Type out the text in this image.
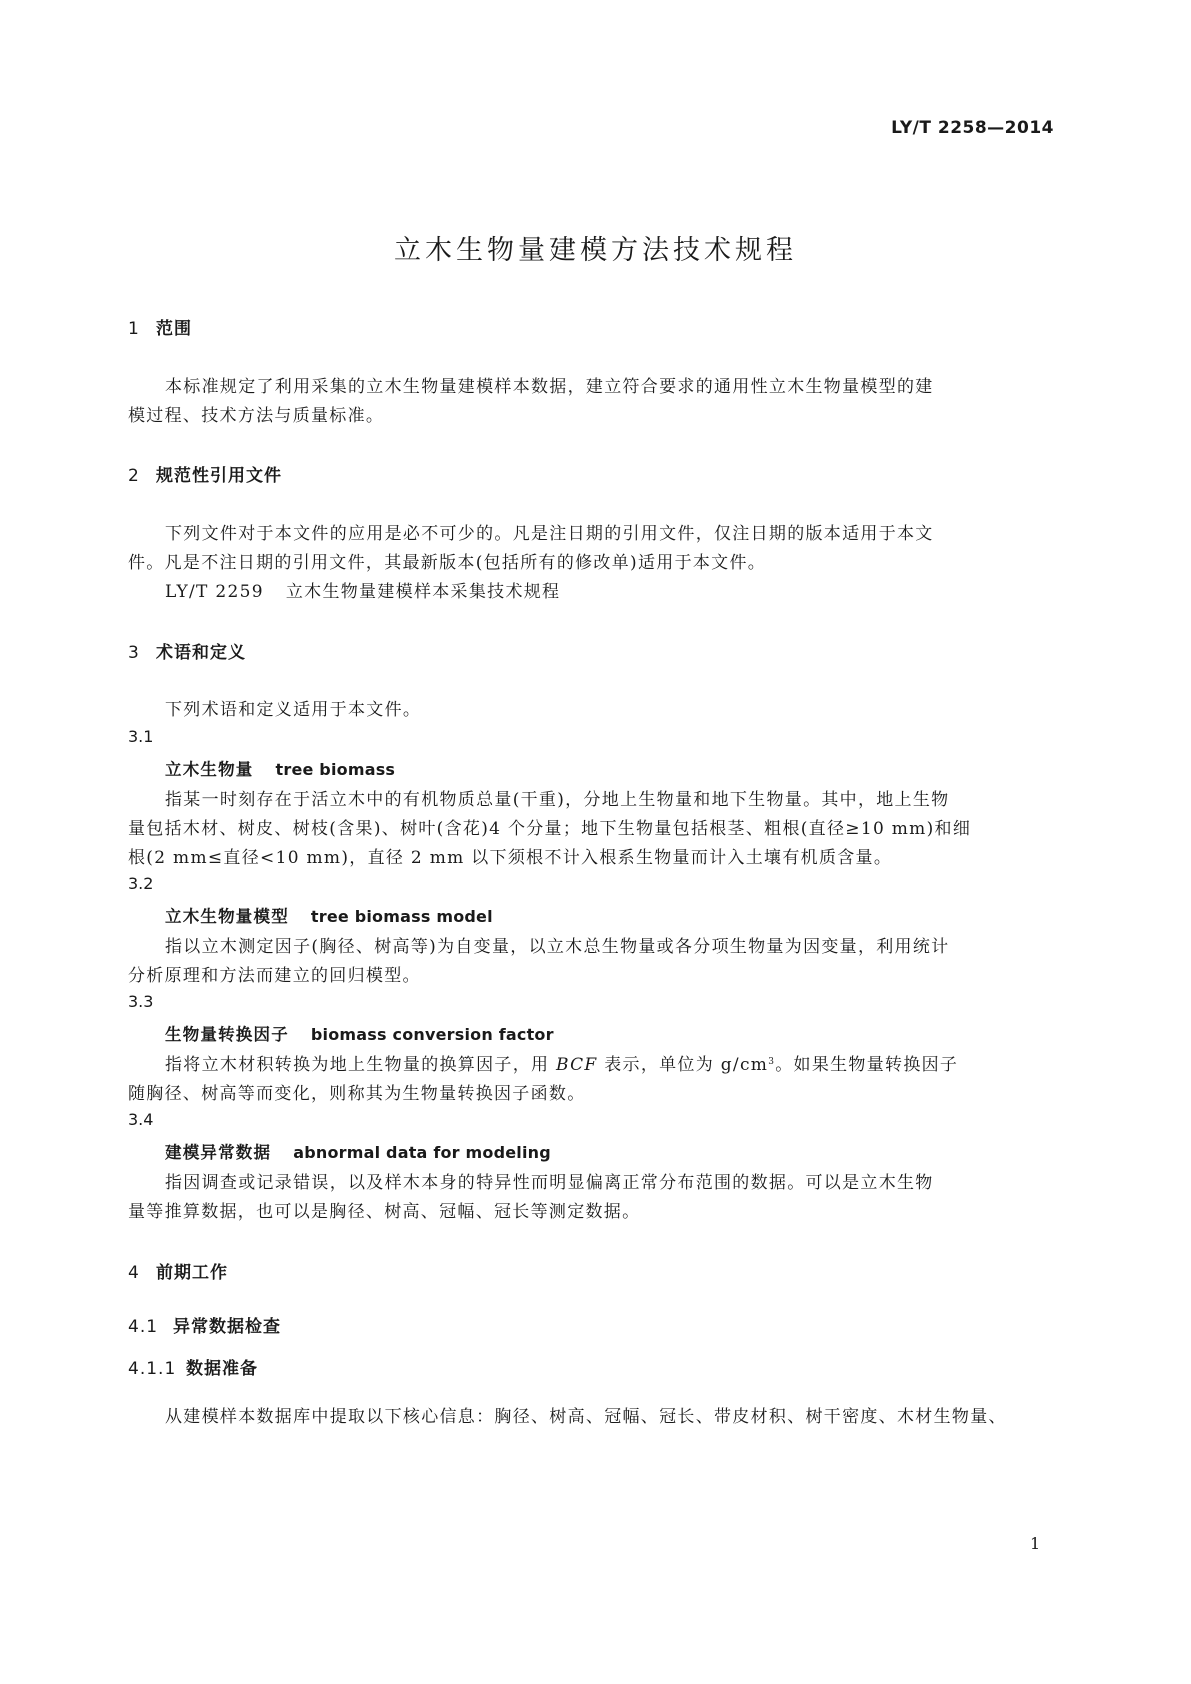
LY/T 2258—2014
立木生物量建模方法技术规程
1 范围
本标准规定了利用采集的立木生物量建模样本数据，建立符合要求的通用性立木生物量模型的建
模过程、技术方法与质量标准。
2 规范性引用文件
下列文件对于本文件的应用是必不可少的。凡是注日期的引用文件，仅注日期的版本适用于本文
件。凡是不注日期的引用文件，其最新版本(包括所有的修改单)适用于本文件。
LY/T 2259 立木生物量建模样本采集技术规程
3 术语和定义
下列术语和定义适用于本文件。
3.1
立木生物量 tree biomass
指某一时刻存在于活立木中的有机物质总量(干重)，分地上生物量和地下生物量。其中，地上生物
量包括木材、树皮、树枝(含果)、树叶(含花)4 个分量；地下生物量包括根茎、粗根(直径≥10 mm)和细
根(2 mm≤直径<10 mm)，直径 2 mm 以下须根不计入根系生物量而计入土壤有机质含量。
3.2
立木生物量模型 tree biomass model
指以立木测定因子(胸径、树高等)为自变量，以立木总生物量或各分项生物量为因变量，利用统计
分析原理和方法而建立的回归模型。
3.3
生物量转换因子 biomass conversion factor
指将立木材积转换为地上生物量的换算因子，用 BCF 表示，单位为 $g/cm^3$。如果生物量转换因子
随胸径、树高等而变化，则称其为生物量转换因子函数。
3.4
建模异常数据 abnormal data for modeling
指因调查或记录错误，以及样木本身的特异性而明显偏离正常分布范围的数据。可以是立木生物
量等推算数据，也可以是胸径、树高、冠幅、冠长等测定数据。
4 前期工作
4.1 异常数据检查
4.1.1 数据准备
从建模样本数据库中提取以下核心信息：胸径、树高、冠幅、冠长、带皮材积、树干密度、木材生物量、
1
